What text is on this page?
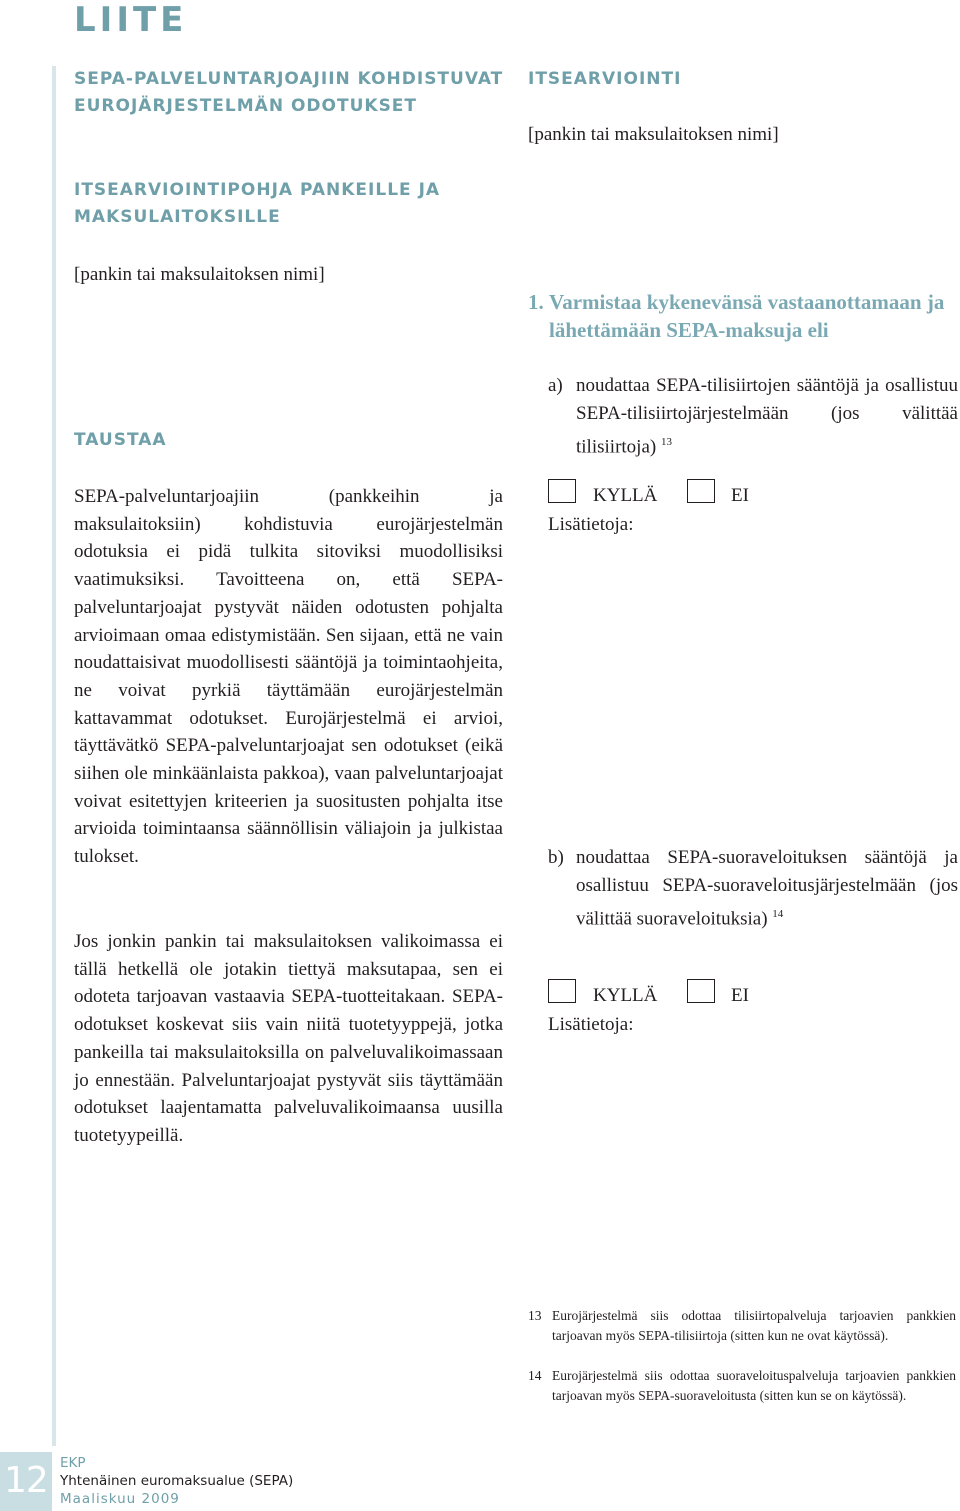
LIITE
SEPA-PALVELUNTARJOAJIIN KOHDISTUVAT
EUROJÄRJESTELMÄN ODOTUKSET
ITSEARVIOINTIPOHJA PANKEILLE JA
MAKSULAITOKSILLE
[pankin tai maksulaitoksen nimi]
TAUSTAA
SEPA-palveluntarjoajiin (pankkeihin ja maksulaitoksiin) kohdistuvia eurojärjestelmän odotuksia ei pidä tulkita sitoviksi muodollisiksi vaatimuksiksi. Tavoitteena on, että SEPA-palveluntarjoajat pystyvät näiden odotusten pohjalta arvioimaan omaa edistymistään. Sen sijaan, että ne vain noudattaisivat muodollisesti sääntöjä ja toimintaohjeita, ne voivat pyrkiä täyttämään eurojärjestelmän kattavammat odotukset. Eurojärjestelmä ei arvioi, täyttävätkö SEPA-palveluntarjoajat sen odotukset (eikä siihen ole minkäänlaista pakkoa), vaan palveluntarjoajat voivat esitettyjen kriteerien ja suositusten pohjalta itse arvioida toimintaansa säännöllisin väliajoin ja julkistaa tulokset.
Jos jonkin pankin tai maksulaitoksen valikoimassa ei tällä hetkellä ole jotakin tiettyä maksutapaa, sen ei odoteta tarjoavan vastaavia SEPA-tuotteitakaan. SEPA-odotukset koskevat siis vain niitä tuotetyyppejä, jotka pankeilla tai maksulaitoksilla on palveluvalikoimassaan jo ennestään. Palveluntarjoajat pystyvät siis täyttämään odotukset laajentamatta palveluvalikoimaansa uusilla tuotetyypeillä.
ITSEARVIOINTI
[pankin tai maksulaitoksen nimi]
1. Varmistaa kykenevänsä vastaanottamaan ja lähettämään SEPA-maksuja eli
a) noudattaa SEPA-tilisiirtojen sääntöjä ja osallistuu SEPA-tilisiirtojärjestelmään (jos välittää tilisiirtoja) $^{13}$
KYLLÄ	EI
Lisätietoja:
b) noudattaa SEPA-suoraveloituksen sääntöjä ja osallistuu SEPA-suoraveloitusjärjestelmään (jos välittää suoraveloituksia) $^{14}$
KYLLÄ	EI
Lisätietoja:
13 Eurojärjestelmä siis odottaa tilisiirtopalveluja tarjoavien pankkien tarjoavan myös SEPA-tilisiirtoja (sitten kun ne ovat käytössä).
14 Eurojärjestelmä siis odottaa suoraveloituspalveluja tarjoavien pankkien tarjoavan myös SEPA-suoraveloitusta (sitten kun se on käytössä).
12 EKP
Yhtenäinen euromaksualue (SEPA)
Maaliskuu 2009
